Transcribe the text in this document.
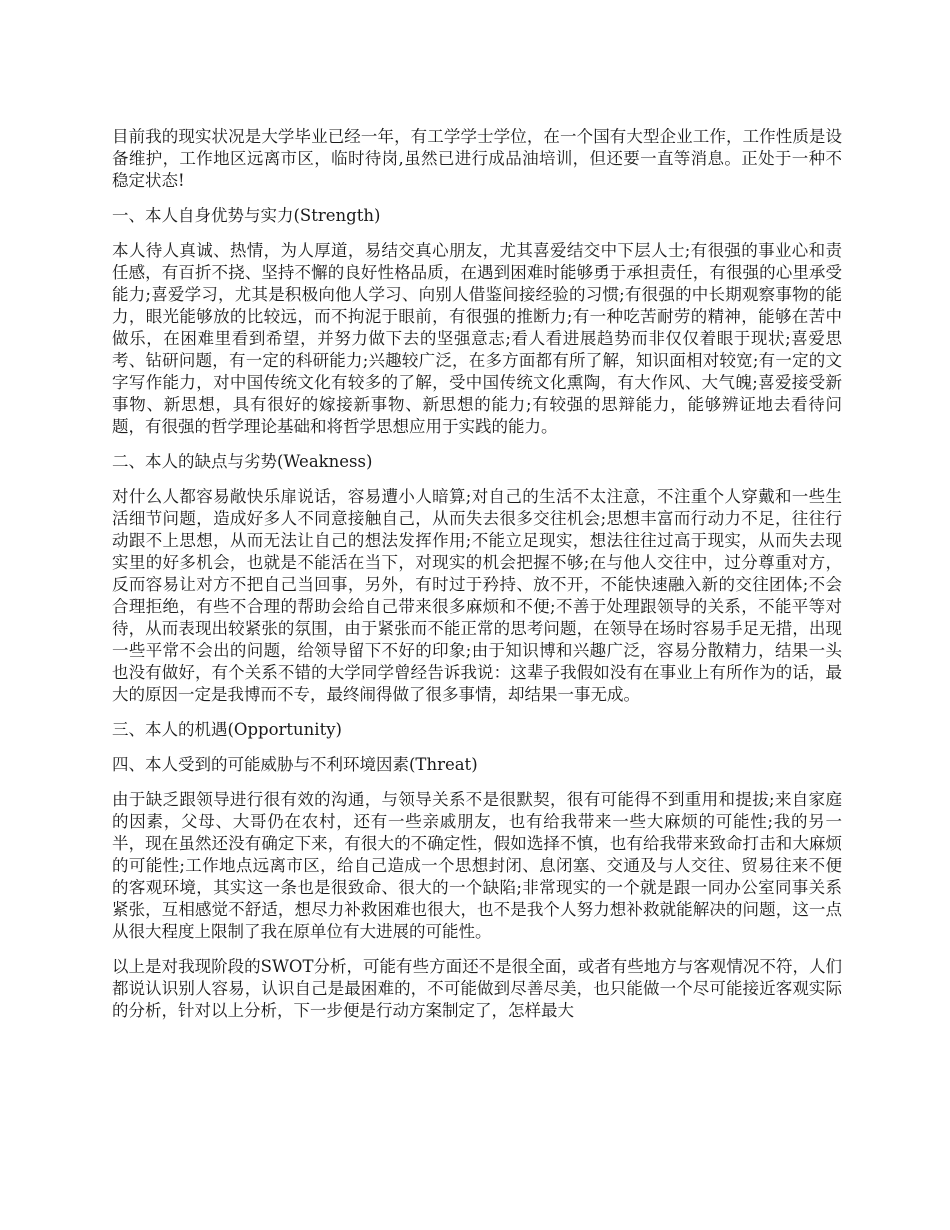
目前我的现实状况是大学毕业已经一年，有工学学士学位，在一个国有大型企业工作，工作性质是设备维护，工作地区远离市区，临时待岗,虽然已进行成品油培训，但还要一直等消息。正处于一种不稳定状态!

一、本人自身优势与实力(Strength)

本人待人真诚、热情，为人厚道，易结交真心朋友，尤其喜爱结交中下层人士;有很强的事业心和责任感，有百折不挠、坚持不懈的良好性格品质，在遇到困难时能够勇于承担责任，有很强的心里承受能力;喜爱学习，尤其是积极向他人学习、向别人借鉴间接经验的习惯;有很强的中长期观察事物的能力，眼光能够放的比较远，而不拘泥于眼前，有很强的推断力;有一种吃苦耐劳的精神，能够在苦中做乐，在困难里看到希望，并努力做下去的坚强意志;看人看进展趋势而非仅仅着眼于现状;喜爱思考、钻研问题，有一定的科研能力;兴趣较广泛，在多方面都有所了解，知识面相对较宽;有一定的文字写作能力，对中国传统文化有较多的了解，受中国传统文化熏陶，有大作风、大气魄;喜爱接受新事物、新思想，具有很好的嫁接新事物、新思想的能力;有较强的思辩能力，能够辨证地去看待问题，有很强的哲学理论基础和将哲学思想应用于实践的能力。

二、本人的缺点与劣势(Weakness)

对什么人都容易敞快乐扉说话，容易遭小人暗算;对自己的生活不太注意，不注重个人穿戴和一些生活细节问题，造成好多人不同意接触自己，从而失去很多交往机会;思想丰富而行动力不足，往往行动跟不上思想，从而无法让自己的想法发挥作用;不能立足现实，想法往往过高于现实，从而失去现实里的好多机会，也就是不能活在当下，对现实的机会把握不够;在与他人交往中，过分尊重对方，反而容易让对方不把自己当回事，另外，有时过于矜持、放不开，不能快速融入新的交往团体;不会合理拒绝，有些不合理的帮助会给自己带来很多麻烦和不便;不善于处理跟领导的关系，不能平等对待，从而表现出较紧张的氛围，由于紧张而不能正常的思考问题，在领导在场时容易手足无措，出现一些平常不会出的问题，给领导留下不好的印象;由于知识博和兴趣广泛，容易分散精力，结果一头也没有做好，有个关系不错的大学同学曾经告诉我说：这辈子我假如没有在事业上有所作为的话，最大的原因一定是我博而不专，最终闹得做了很多事情，却结果一事无成。

三、本人的机遇(Opportunity)

四、本人受到的可能威胁与不利环境因素(Threat)

由于缺乏跟领导进行很有效的沟通，与领导关系不是很默契，很有可能得不到重用和提拔;来自家庭的因素，父母、大哥仍在农村，还有一些亲戚朋友，也有给我带来一些大麻烦的可能性;我的另一半，现在虽然还没有确定下来，有很大的不确定性，假如选择不慎，也有给我带来致命打击和大麻烦的可能性;工作地点远离市区，给自己造成一个思想封闭、息闭塞、交通及与人交往、贸易往来不便的客观环境，其实这一条也是很致命、很大的一个缺陷;非常现实的一个就是跟一同办公室同事关系紧张，互相感觉不舒适，想尽力补救困难也很大，也不是我个人努力想补救就能解决的问题，这一点从很大程度上限制了我在原单位有大进展的可能性。

以上是对我现阶段的SWOT分析，可能有些方面还不是很全面，或者有些地方与客观情况不符，人们都说认识别人容易，认识自己是最困难的，不可能做到尽善尽美，也只能做一个尽可能接近客观实际的分析，针对以上分析，下一步便是行动方案制定了，怎样最大
